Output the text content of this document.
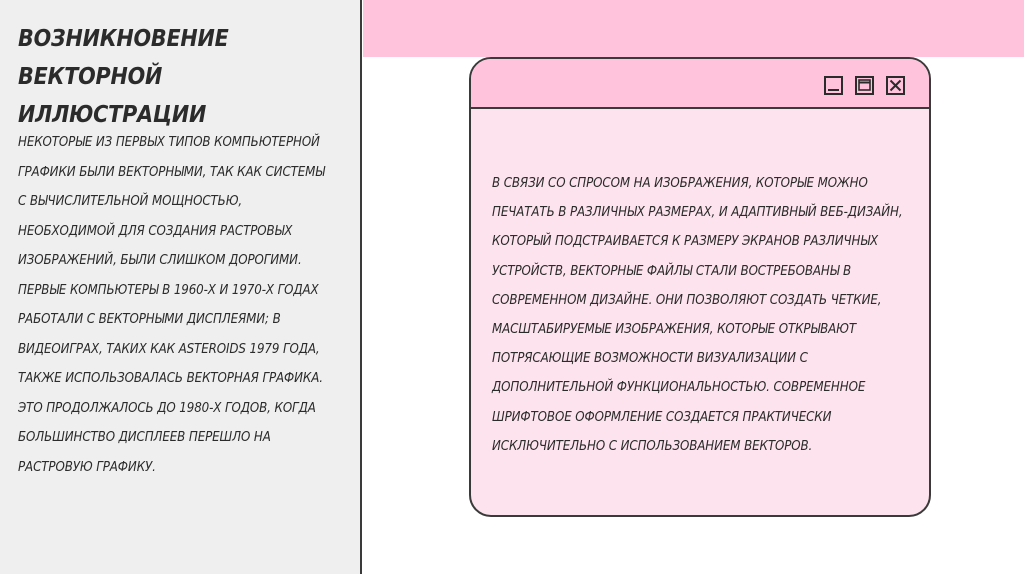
ВОЗНИКНОВЕНИЕ ВЕКТОРНОЙ ИЛЛЮСТРАЦИИ

НЕКОТОРЫЕ ИЗ ПЕРВЫХ ТИПОВ КОМПЬЮТЕРНОЙ ГРАФИКИ БЫЛИ ВЕКТОРНЫМИ, ТАК КАК СИСТЕМЫ С ВЫЧИСЛИТЕЛЬНОЙ МОЩНОСТЬЮ, НЕОБХОДИМОЙ ДЛЯ СОЗДАНИЯ РАСТРОВЫХ ИЗОБРАЖЕНИЙ, БЫЛИ СЛИШКОМ ДОРОГИМИ. ПЕРВЫЕ КОМПЬЮТЕРЫ В 1960-Х И 1970-Х ГОДАХ РАБОТАЛИ С ВЕКТОРНЫМИ ДИСПЛЕЯМИ; В ВИДЕОИГРАХ, ТАКИХ КАК ASTEROIDS 1979 ГОДА, ТАКЖЕ ИСПОЛЬЗОВАЛАСЬ ВЕКТОРНАЯ ГРАФИКА. ЭТО ПРОДОЛЖАЛОСЬ ДО 1980-Х ГОДОВ, КОГДА БОЛЬШИНСТВО ДИСПЛЕЕВ ПЕРЕШЛО НА РАСТРОВУЮ ГРАФИКУ.

В СВЯЗИ СО СПРОСОМ НА ИЗОБРАЖЕНИЯ, КОТОРЫЕ МОЖНО ПЕЧАТАТЬ В РАЗЛИЧНЫХ РАЗМЕРАХ, И АДАПТИВНЫЙ ВЕБ-ДИЗАЙН, КОТОРЫЙ ПОДСТРАИВАЕТСЯ К РАЗМЕРУ ЭКРАНОВ РАЗЛИЧНЫХ УСТРОЙСТВ, ВЕКТОРНЫЕ ФАЙЛЫ СТАЛИ ВОСТРЕБОВАНЫ В СОВРЕМЕННОМ ДИЗАЙНЕ. ОНИ ПОЗВОЛЯЮТ СОЗДАТЬ ЧЕТКИЕ, МАСШТАБИРУЕМЫЕ ИЗОБРАЖЕНИЯ, КОТОРЫЕ ОТКРЫВАЮТ ПОТРЯСАЮЩИЕ ВОЗМОЖНОСТИ ВИЗУАЛИЗАЦИИ С ДОПОЛНИТЕЛЬНОЙ ФУНКЦИОНАЛЬНОСТЬЮ. СОВРЕМЕННОЕ ШРИФТОВОЕ ОФОРМЛЕНИЕ СОЗДАЕТСЯ ПРАКТИЧЕСКИ ИСКЛЮЧИТЕЛЬНО С ИСПОЛЬЗОВАНИЕМ ВЕКТОРОВ.
